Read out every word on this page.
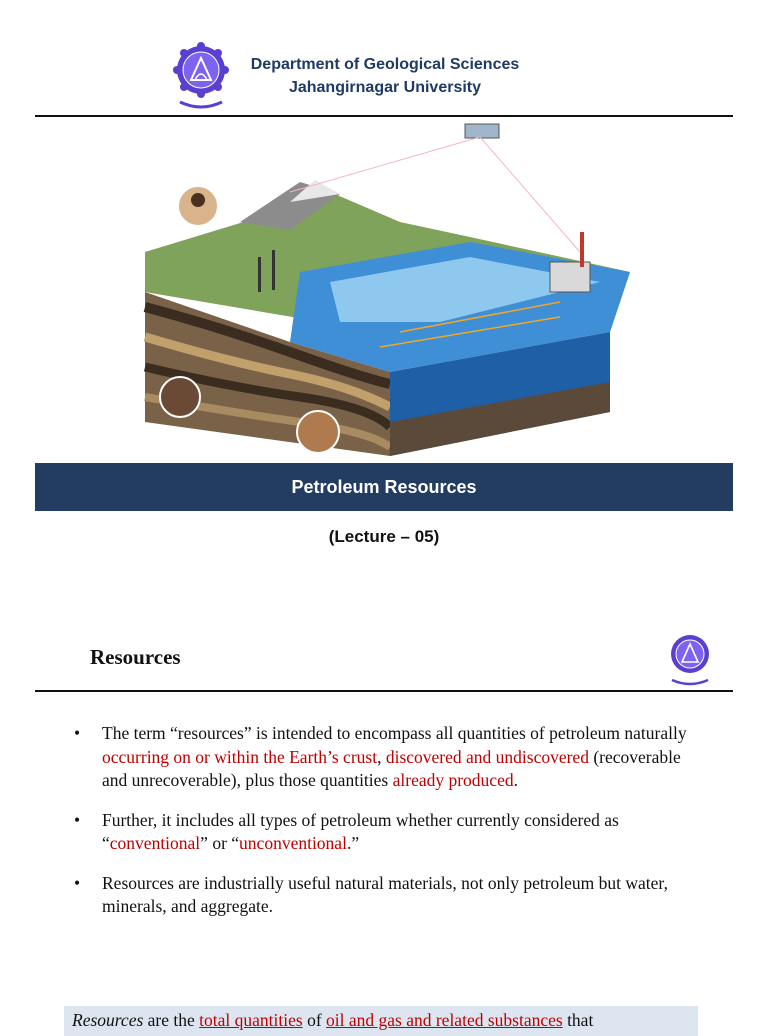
Department of Geological Sciences
Jahangirnagar University
Petroleum Resources
(Lecture – 05)
Resources
• The term “resources” is intended to encompass all quantities of petroleum naturally occurring on or within the Earth’s crust, discovered and undiscovered (recoverable and unrecoverable), plus those quantities already produced.
• Further, it includes all types of petroleum whether currently considered as “conventional” or “unconventional.”
• Resources are industrially useful natural materials, not only petroleum but water, minerals, and aggregate.
Resources are the total quantities of oil and gas and related substances that
